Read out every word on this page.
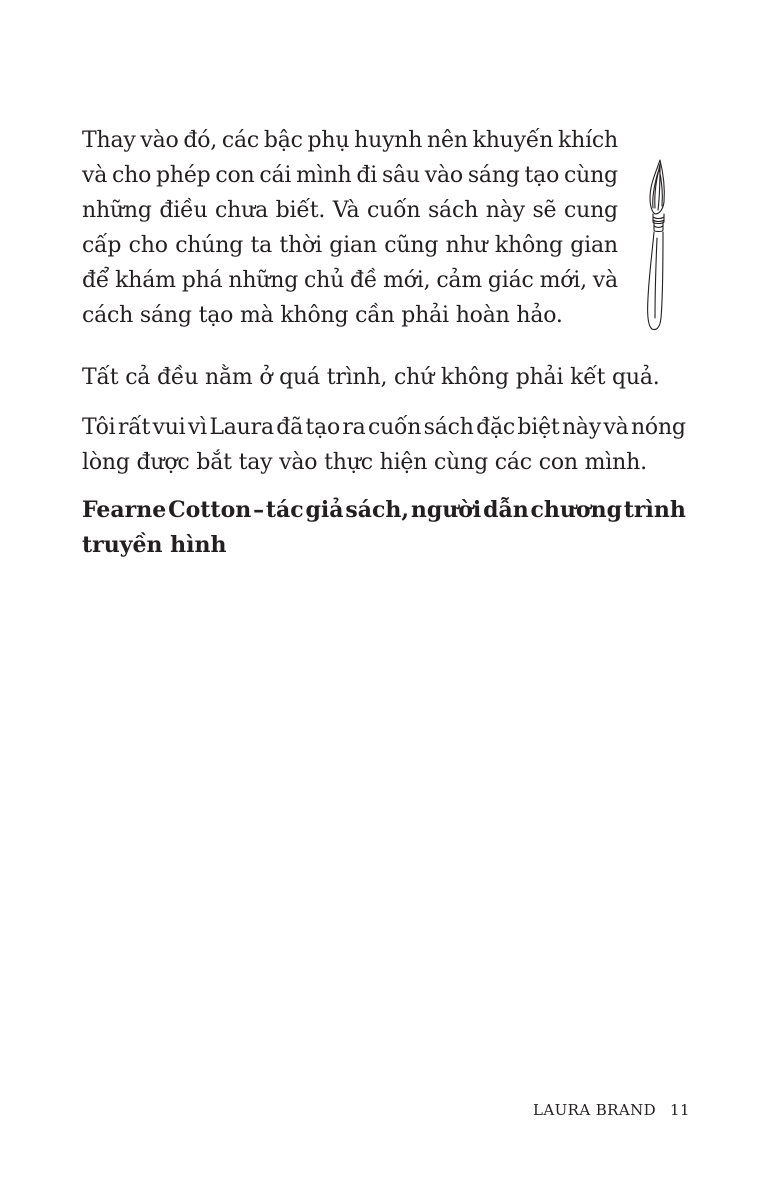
Thay vào đó, các bậc phụ huynh nên khuyến khích
và cho phép con cái mình đi sâu vào sáng tạo cùng
những điều chưa biết. Và cuốn sách này sẽ cung
cấp cho chúng ta thời gian cũng như không gian
để khám phá những chủ đề mới, cảm giác mới, và
cách sáng tạo mà không cần phải hoàn hảo.
Tất cả đều nằm ở quá trình, chứ không phải kết quả.
Tôi rất vui vì Laura đã tạo ra cuốn sách đặc biệt này và nóng
lòng được bắt tay vào thực hiện cùng các con mình.
Fearne Cotton – tác giả sách, người dẫn chương trình
truyền hình
LAURA BRAND 11
